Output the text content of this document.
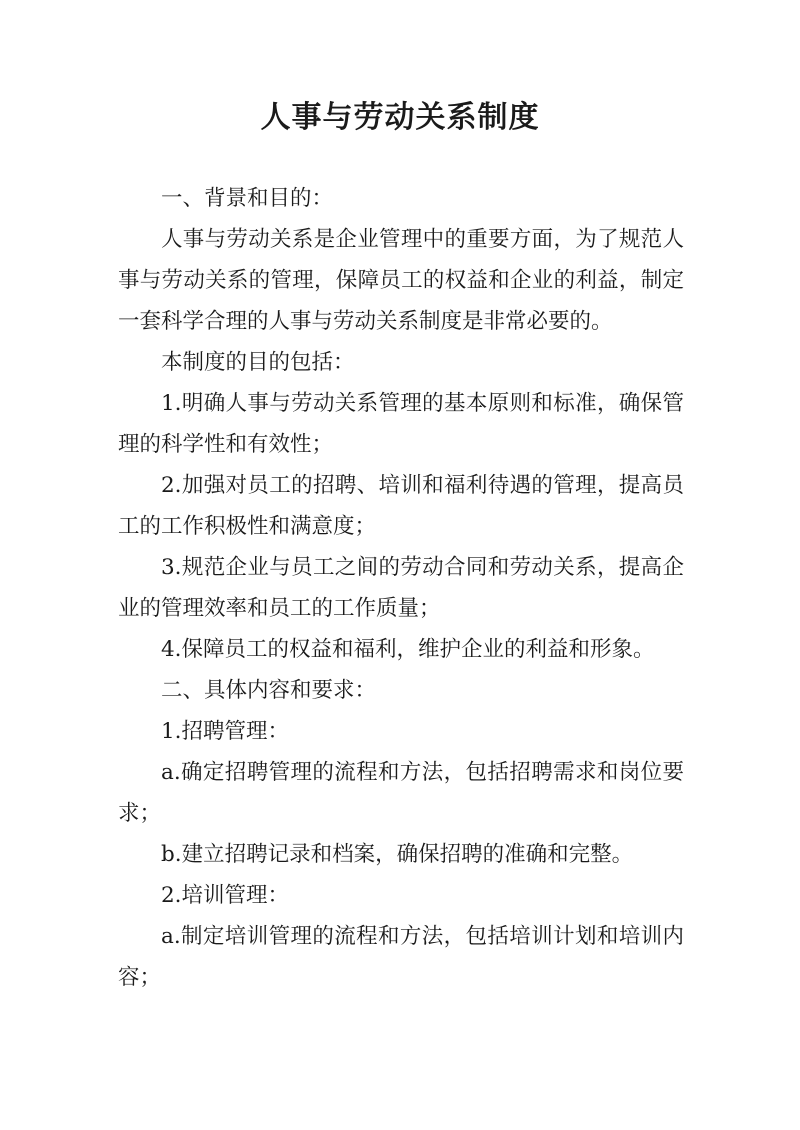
人事与劳动关系制度

一、背景和目的：

人事与劳动关系是企业管理中的重要方面，为了规范人事与劳动关系的管理，保障员工的权益和企业的利益，制定一套科学合理的人事与劳动关系制度是非常必要的。

本制度的目的包括：

1.明确人事与劳动关系管理的基本原则和标准，确保管理的科学性和有效性；

2.加强对员工的招聘、培训和福利待遇的管理，提高员工的工作积极性和满意度；

3.规范企业与员工之间的劳动合同和劳动关系，提高企业的管理效率和员工的工作质量；

4.保障员工的权益和福利，维护企业的利益和形象。

二、具体内容和要求：

1.招聘管理：

a.确定招聘管理的流程和方法，包括招聘需求和岗位要求；

b.建立招聘记录和档案，确保招聘的准确和完整。

2.培训管理：

a.制定培训管理的流程和方法，包括培训计划和培训内容；
